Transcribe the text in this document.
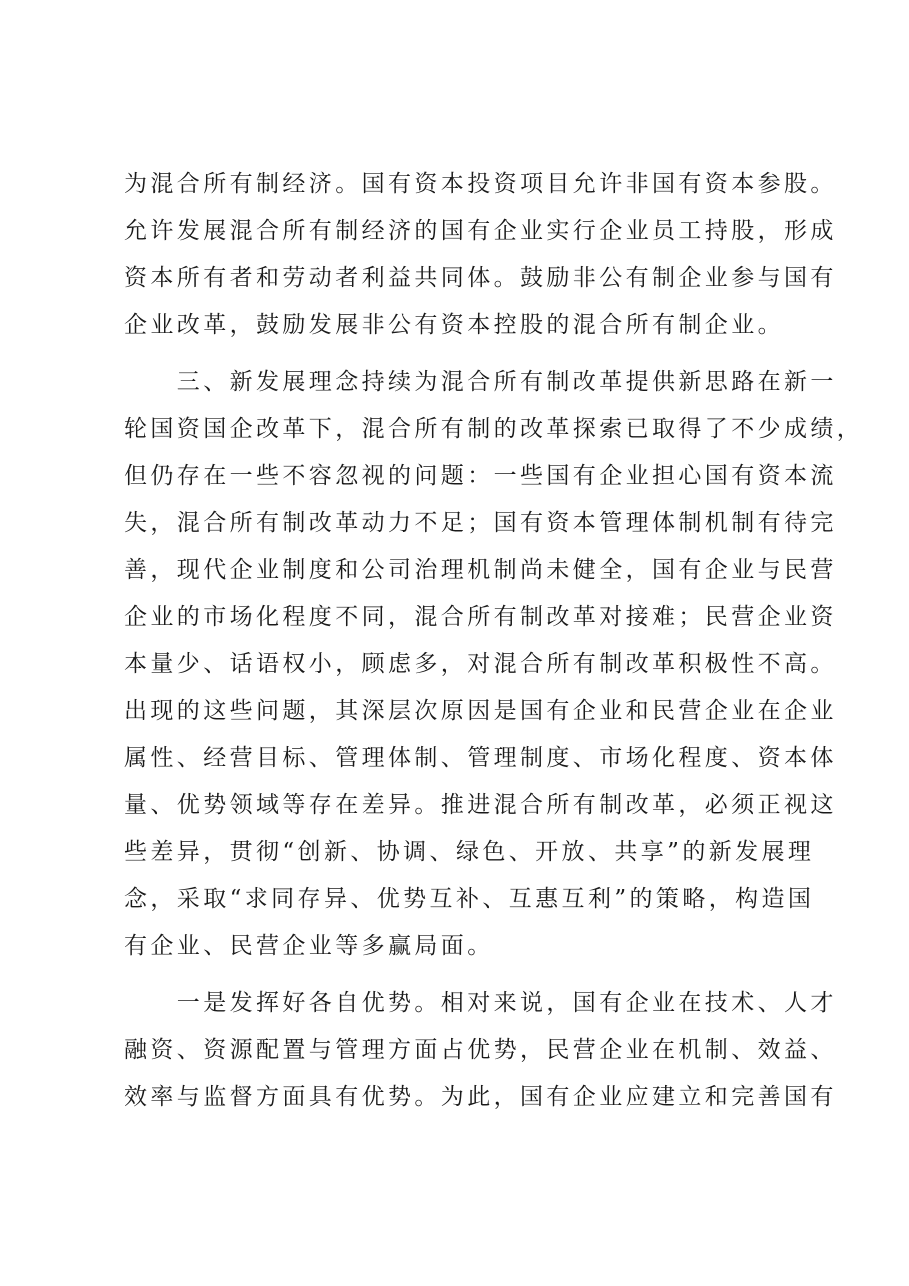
为混合所有制经济。国有资本投资项目允许非国有资本参股。
允许发展混合所有制经济的国有企业实行企业员工持股，形成
资本所有者和劳动者利益共同体。鼓励非公有制企业参与国有
企业改革，鼓励发展非公有资本控股的混合所有制企业。
　　三、新发展理念持续为混合所有制改革提供新思路在新一
轮国资国企改革下，混合所有制的改革探索已取得了不少成绩，
但仍存在一些不容忽视的问题：一些国有企业担心国有资本流
失，混合所有制改革动力不足；国有资本管理体制机制有待完
善，现代企业制度和公司治理机制尚未健全，国有企业与民营
企业的市场化程度不同，混合所有制改革对接难；民营企业资
本量少、话语权小，顾虑多，对混合所有制改革积极性不高。
出现的这些问题，其深层次原因是国有企业和民营企业在企业
属性、经营目标、管理体制、管理制度、市场化程度、资本体
量、优势领域等存在差异。推进混合所有制改革，必须正视这
些差异，贯彻“创新、协调、绿色、开放、共享”的新发展理
念，采取“求同存异、优势互补、互惠互利”的策略，构造国
有企业、民营企业等多赢局面。
　　一是发挥好各自优势。相对来说，国有企业在技术、人才
融资、资源配置与管理方面占优势，民营企业在机制、效益、
效率与监督方面具有优势。为此，国有企业应建立和完善国有
